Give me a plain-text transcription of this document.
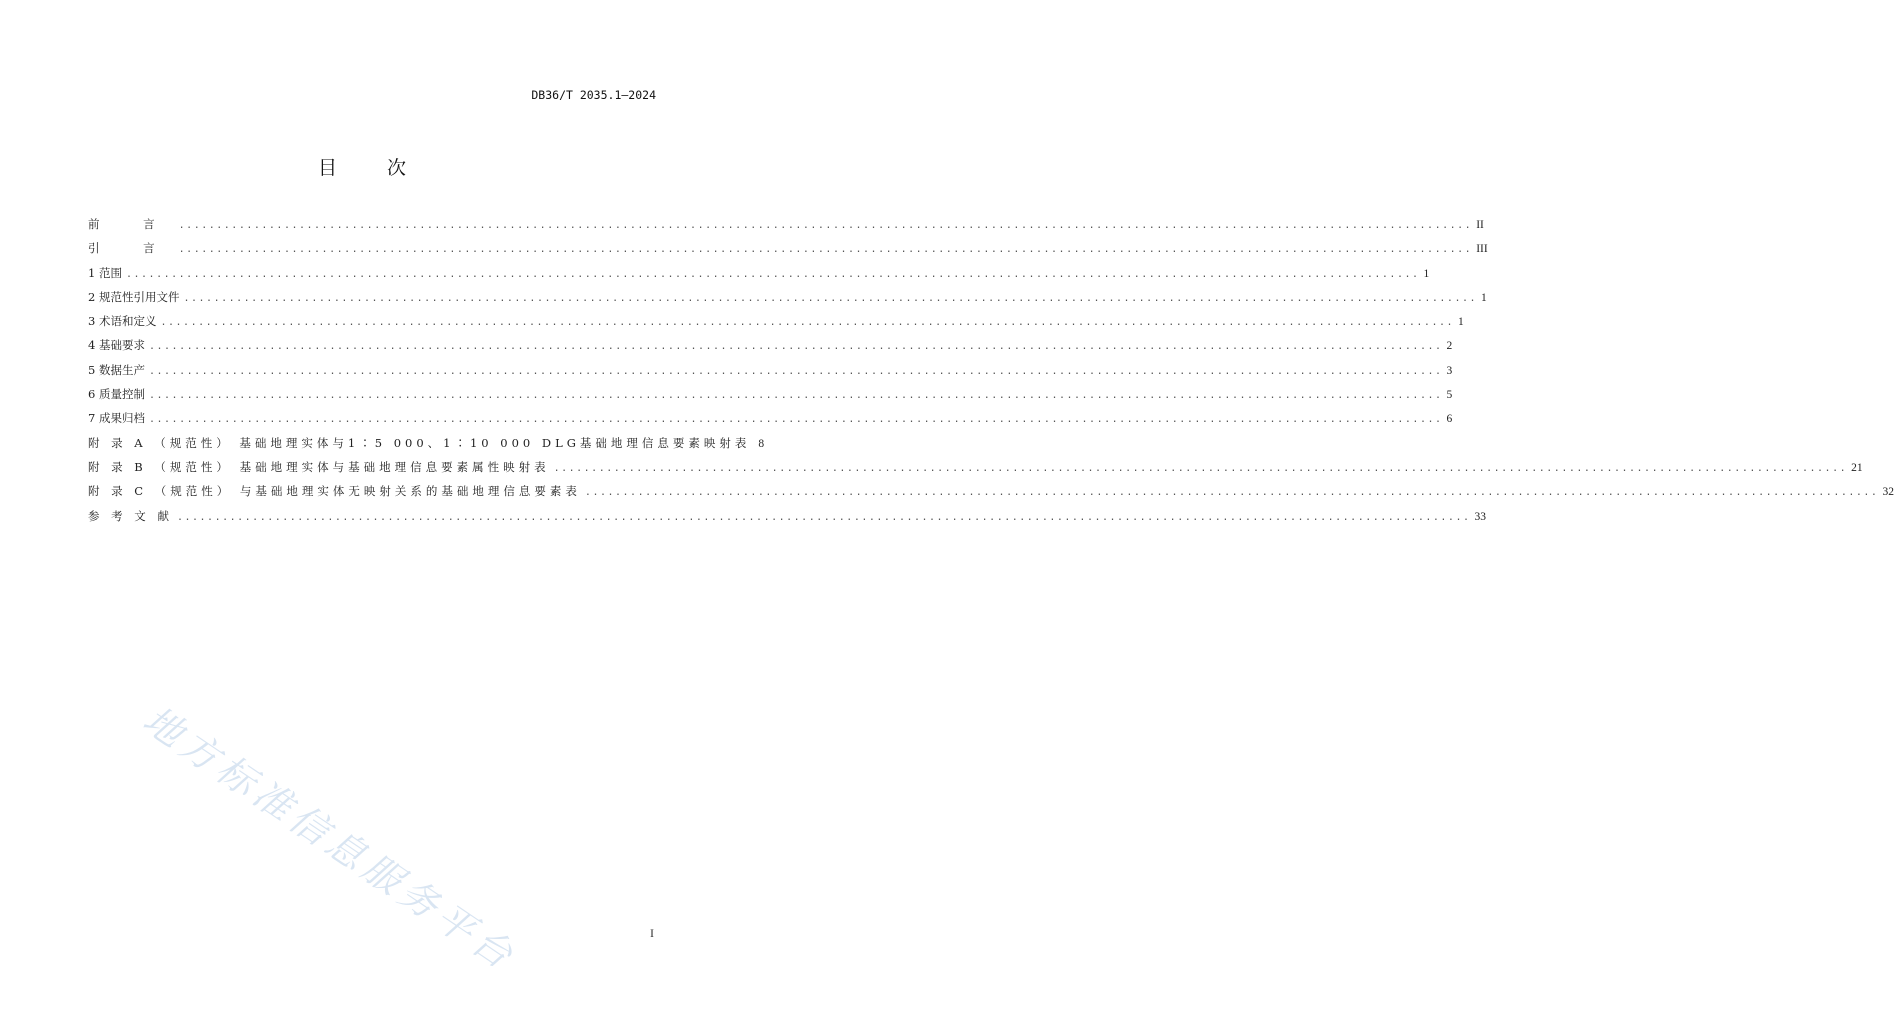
DB36/T 2035.1—2024
目 次
前 言 .....	II
引 言 .....	III
1 范围 .....	1
2 规范性引用文件 .....	1
3 术语和定义 .....	1
4 基础要求 .....	2
5 数据生产 .....	3
6 质量控制 .....	5
7 成果归档 .....	6
附 录 A （规范性） 基础地理实体与1∶5 000、1∶10 000 DLG基础地理信息要素映射表 8
附 录 B （规范性） 基础地理实体与基础地理信息要素属性映射表 .....	21
附 录 C （规范性） 与基础地理实体无映射关系的基础地理信息要素表 .....	32
参 考 文 献 .....	33
地方标准信息服务平台	I
